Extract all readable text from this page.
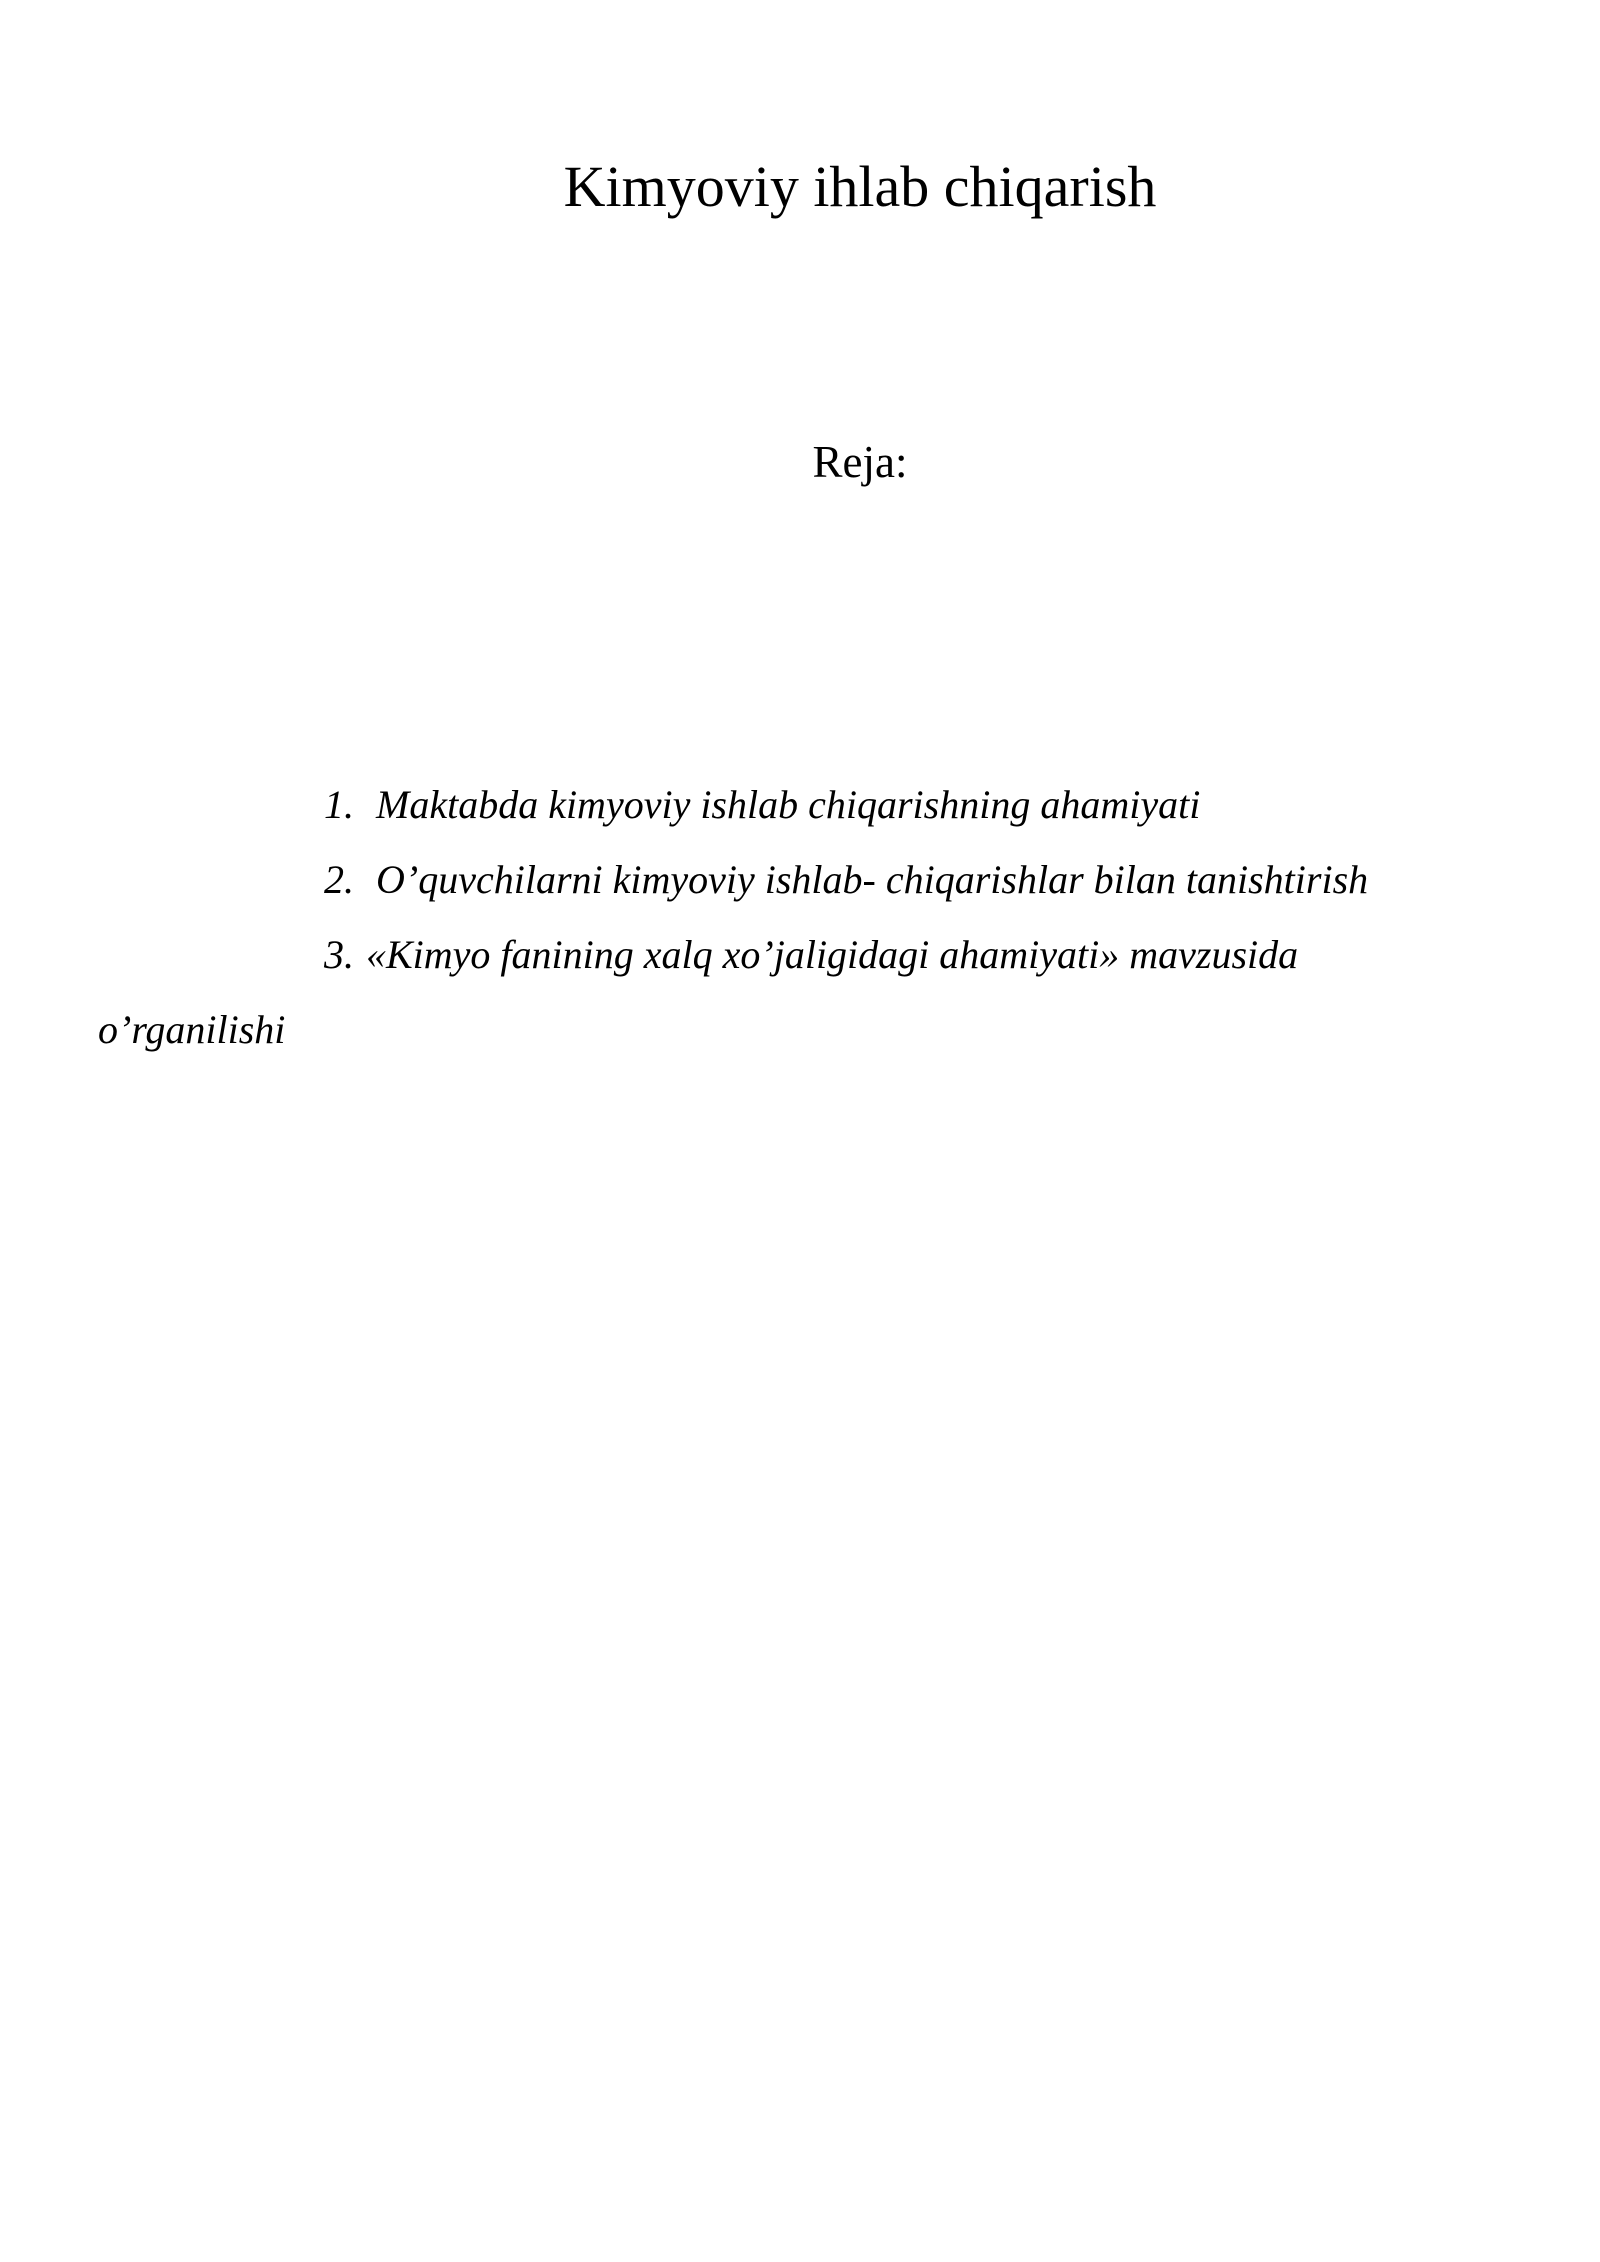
Kimyoviy ihlab chiqarish

Reja:

1. Maktabda kimyoviy ishlab chiqarishning ahamiyati
2. O’quvchilarni kimyoviy ishlab- chiqarishlar bilan tanishtirish
3. «Kimyo fanining xalq xo’jaligidagi ahamiyati» mavzusida o’rganilishi
